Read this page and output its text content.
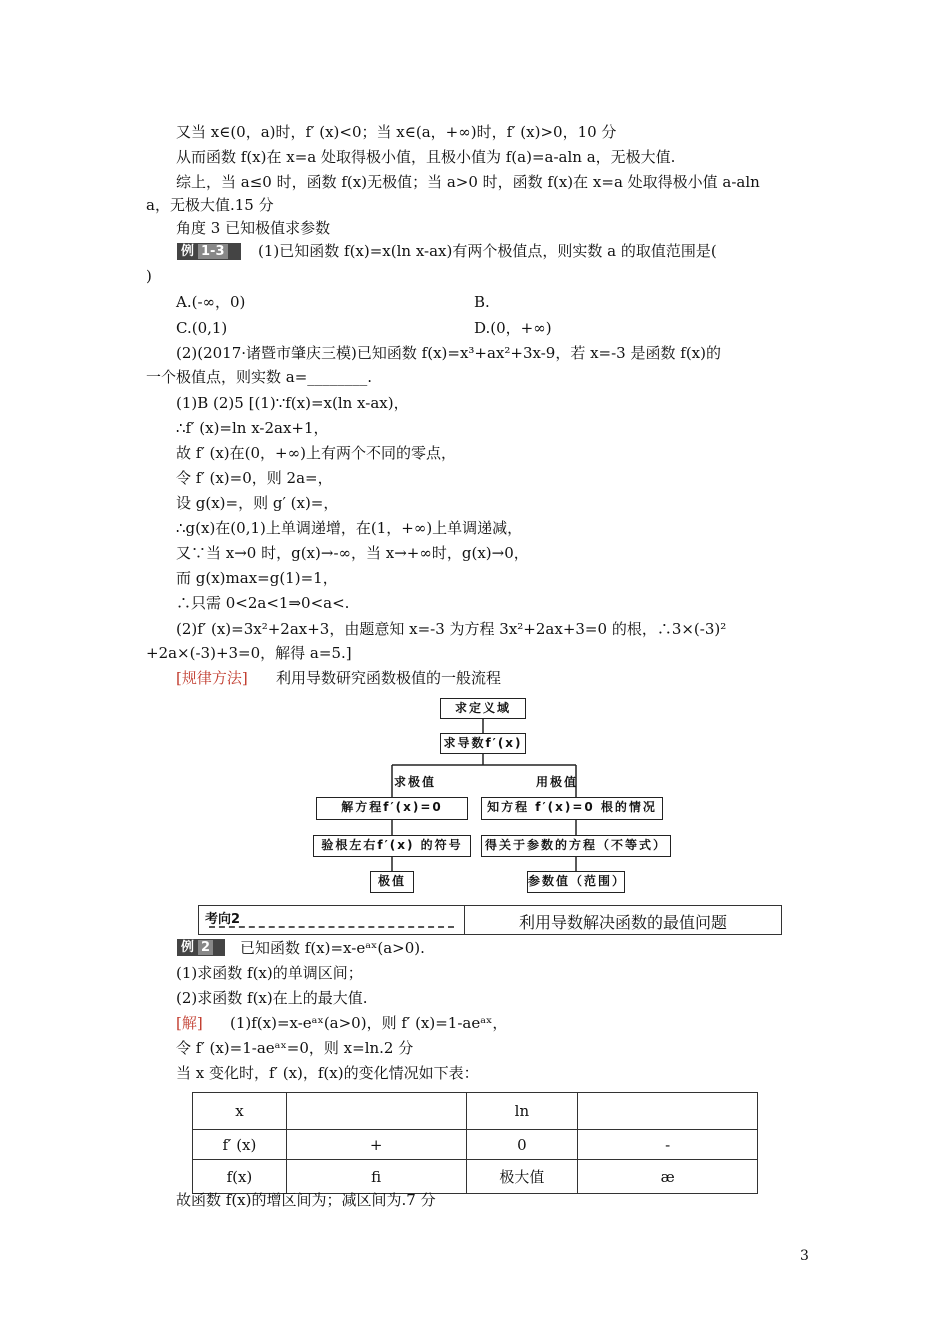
又当 x∈(0，a)时，f′ (x)<0；当 x∈(a，+∞)时，f′ (x)>0，10 分
从而函数 f(x)在 x=a 处取得极小值，且极小值为 f(a)=a-aln a，无极大值.
综上，当 a≤0 时，函数 f(x)无极值；当 a>0 时，函数 f(x)在 x=a 处取得极小值 a-aln
a，无极大值.15 分
角度 3 已知极值求参数
例 1-3	(1)已知函数 f(x)=x(ln x-ax)有两个极值点，则实数 a 的取值范围是(
)
A.(-∞，0)	B.
C.(0,1)	D.(0，+∞)
(2)(2017·诸暨市肇庆三模)已知函数 f(x)=x³+ax²+3x-9，若 x=-3 是函数 f(x)的
一个极值点，则实数 a=________.
(1)B (2)5 [(1)∵f(x)=x(ln x-ax)，
∴f′ (x)=ln x-2ax+1，
故 f′ (x)在(0，+∞)上有两个不同的零点，
令 f′ (x)=0，则 2a=，
设 g(x)=，则 g′ (x)=，
∴g(x)在(0,1)上单调递增，在(1，+∞)上单调递减，
又∵当 x→0 时，g(x)→-∞，当 x→+∞时，g(x)→0，
而 g(x)max=g(1)=1，
∴只需 0<2a<1⇒0<a<.
(2)f′ (x)=3x²+2ax+3，由题意知 x=-3 为方程 3x²+2ax+3=0 的根，∴3×(-3)²
+2a×(-3)+3=0，解得 a=5.]
[规律方法] 利用导数研究函数极值的一般流程
求定义域
求导数f′(x)
求极值	用极值
解方程f′(x)=0	知方程 f′(x)=0 根的情况
验根左右f′(x) 的符号	得关于参数的方程（不等式）
极值	参数值（范围）
考向2	利用导数解决函数的最值问题
例 2	已知函数 f(x)=x-eᵃˣ(a>0).
(1)求函数 f(x)的单调区间；
(2)求函数 f(x)在上的最大值.
[解] (1)f(x)=x-eᵃˣ(a>0)，则 f′ (x)=1-aeᵃˣ，
令 f′ (x)=1-aeᵃˣ=0，则 x=ln.2 分
当 x 变化时，f′ (x)，f(x)的变化情况如下表：
x		ln	
f′ (x)	+	0	-
f(x)	ﬁ	极大值	æ
故函数 f(x)的增区间为；减区间为.7 分
3
